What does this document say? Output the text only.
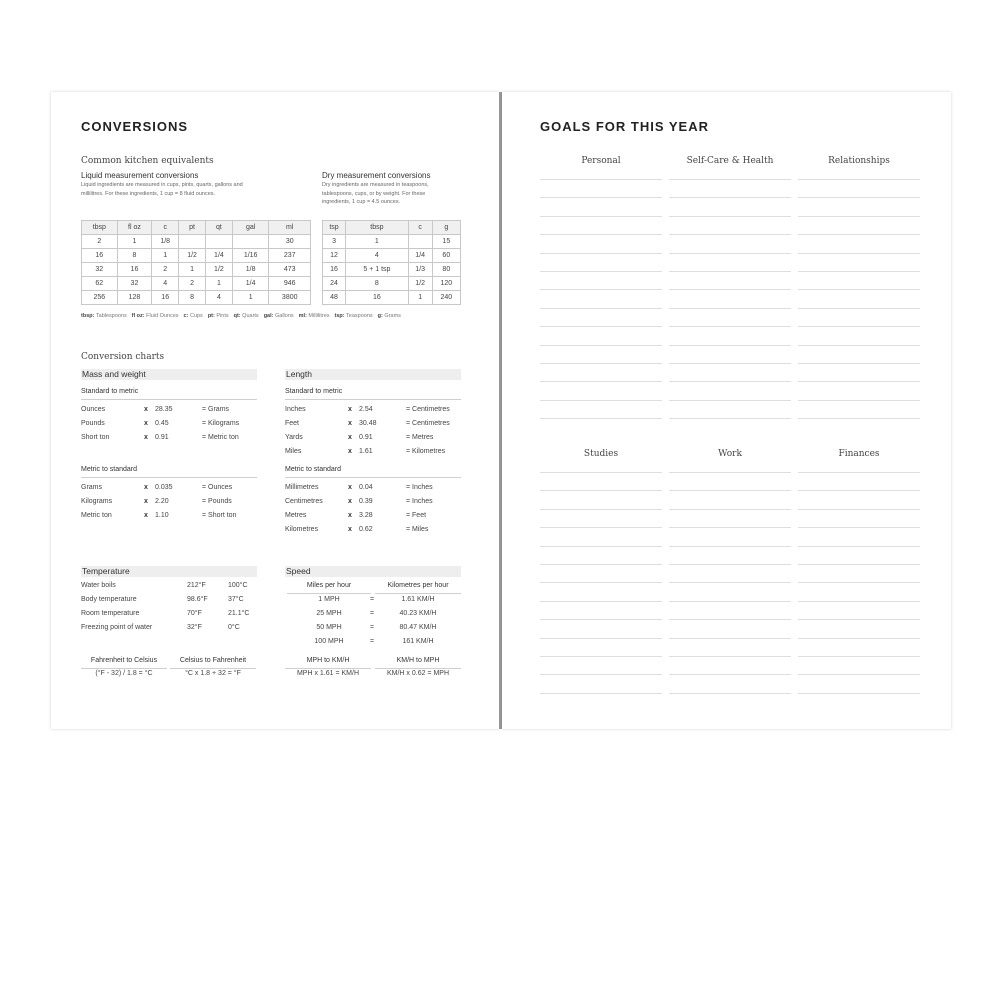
CONVERSIONS
Common kitchen equivalents
Liquid measurement conversions
Liquid ingredients are measured in cups, pints, quarts, gallons and millilitres. For these ingredients, 1 cup = 8 fluid ounces.
tbsp	fl oz	c	pt	qt	gal	ml
2	1	1/8				30
16	8	1	1/2	1/4	1/16	237
32	16	2	1	1/2	1/8	473
62	32	4	2	1	1/4	946
256	128	16	8	4	1	3800
Dry measurement conversions
Dry ingredients are measured in teaspoons, tablespoons, cups, or by weight. For these ingredients, 1 cup = 4.5 ounces.
tsp	tbsp	c	g
3	1		15
12	4	1/4	60
16	5 + 1 tsp	1/3	80
24	8	1/2	120
48	16	1	240
tbsp: Tablespoons fl oz: Fluid Ounces c: Cups pt: Pints qt: Quarts gal: Gallons ml: Millilitres tsp: Teaspoons g: Grams
Conversion charts
Mass and weight
Standard to metric
Ounces	x 28.35	= Grams
Pounds	x 0.45	= Kilograms
Short ton	x 0.91	= Metric ton
Metric to standard
Grams	x 0.035	= Ounces
Kilograms	x 2.20	= Pounds
Metric ton	x 1.10	= Short ton
Length
Standard to metric
Inches	x 2.54	= Centimetres
Feet	x 30.48	= Centimetres
Yards	x 0.91	= Metres
Miles	x 1.61	= Kilometres
Metric to standard
Millimetres	x 0.04	= Inches
Centimetres	x 0.39	= Inches
Metres	x 3.28	= Feet
Kilometres	x 0.62	= Miles
Temperature
Water boils	212°F	100°C
Body temperature	98.6°F	37°C
Room temperature	70°F	21.1°C
Freezing point of water	32°F	0°C
Fahrenheit to Celsius
(°F - 32) / 1.8 = °C
Celsius to Fahrenheit
°C x 1.8 + 32 = °F
Speed
Miles per hour	Kilometres per hour
1 MPH	=	1.61 KM/H
25 MPH	=	40.23 KM/H
50 MPH	=	80.47 KM/H
100 MPH	=	161 KM/H
MPH to KM/H
MPH x 1.61 = KM/H
KM/H to MPH
KM/H x 0.62 = MPH
GOALS FOR THIS YEAR
Personal	Self-Care & Health	Relationships
Studies	Work	Finances
